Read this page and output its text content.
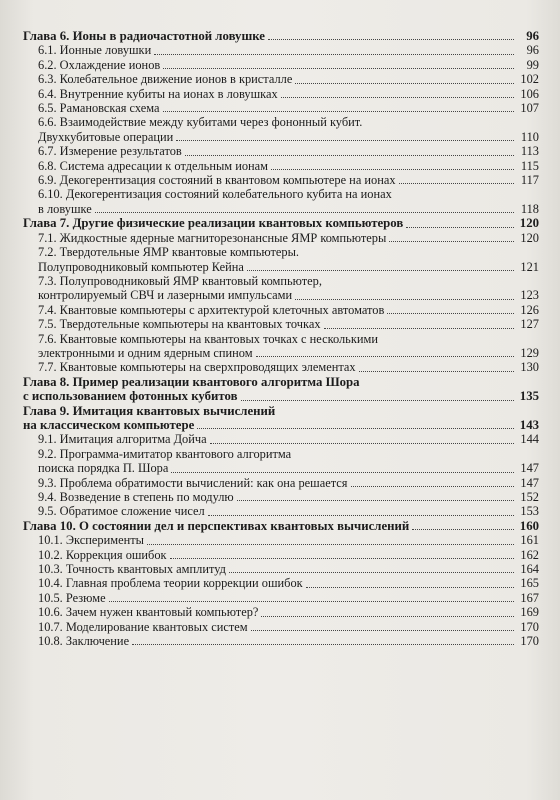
Глава 6. Ионы в радиочастотной ловушке	96
6.1. Ионные ловушки	96
6.2. Охлаждение ионов	99
6.3. Колебательное движение ионов в кристалле	102
6.4. Внутренние кубиты на ионах в ловушках	106
6.5. Рамановская схема	107
6.6. Взаимодействие между кубитами через фононный кубит.
Двухкубитовые операции	110
6.7. Измерение результатов	113
6.8. Система адресации к отдельным ионам	115
6.9. Декогерентизация состояний в квантовом компьютере на ионах	117
6.10. Декогерентизация состояний колебательного кубита на ионах
в ловушке	118
Глава 7. Другие физические реализации квантовых компьютеров	120
7.1. Жидкостные ядерные магниторезонансные ЯМР компьютеры	120
7.2. Твердотельные ЯМР квантовые компьютеры.
Полупроводниковый компьютер Кейна	121
7.3. Полупроводниковый ЯМР квантовый компьютер,
контролируемый СВЧ и лазерными импульсами	123
7.4. Квантовые компьютеры с архитектурой клеточных автоматов	126
7.5. Твердотельные компьютеры на квантовых точках	127
7.6. Квантовые компьютеры на квантовых точках с несколькими
электронными и одним ядерным спином	129
7.7. Квантовые компьютеры на сверхпроводящих элементах	130
Глава 8. Пример реализации квантового алгоритма Шора
с использованием фотонных кубитов	135
Глава 9. Имитация квантовых вычислений
на классическом компьютере	143
9.1. Имитация алгоритма Дойча	144
9.2. Программа-имитатор квантового алгоритма
поиска порядка П. Шора	147
9.3. Проблема обратимости вычислений: как она решается	147
9.4. Возведение в степень по модулю	152
9.5. Обратимое сложение чисел	153
Глава 10. О состоянии дел и перспективах квантовых вычислений	160
10.1. Эксперименты	161
10.2. Коррекция ошибок	162
10.3. Точность квантовых амплитуд	164
10.4. Главная проблема теории коррекции ошибок	165
10.5. Резюме	167
10.6. Зачем нужен квантовый компьютер?	169
10.7. Моделирование квантовых систем	170
10.8. Заключение	170
